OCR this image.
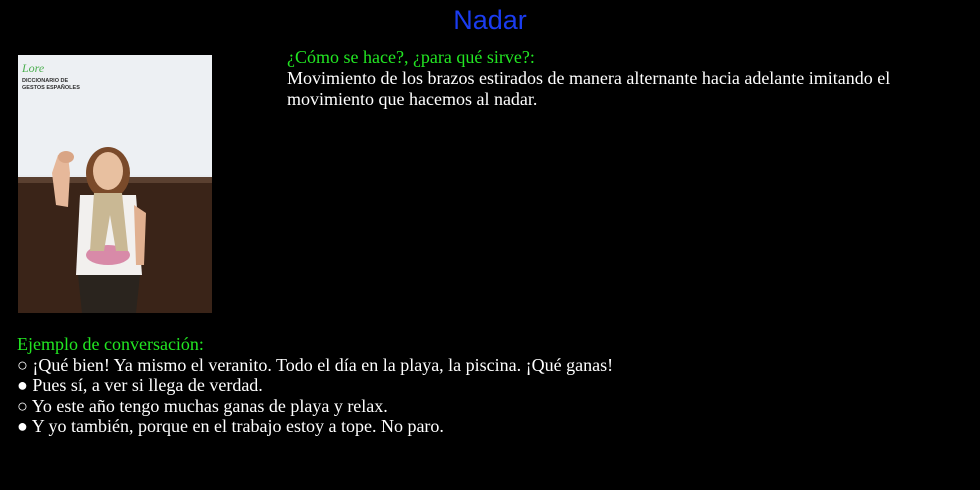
Nadar
Lore
DICCIONARIO DE
GESTOS ESPAÑOLES
¿Cómo se hace?, ¿para qué sirve?:
Movimiento de los brazos estirados de manera alternante hacia adelante imitando el movimiento que hacemos al nadar.
Ejemplo de conversación:
○ ¡Qué bien! Ya mismo el veranito. Todo el día en la playa, la piscina. ¡Qué ganas!
● Pues sí, a ver si llega de verdad.
○ Yo este año tengo muchas ganas de playa y relax.
● Y yo también, porque en el trabajo estoy a tope. No paro.
